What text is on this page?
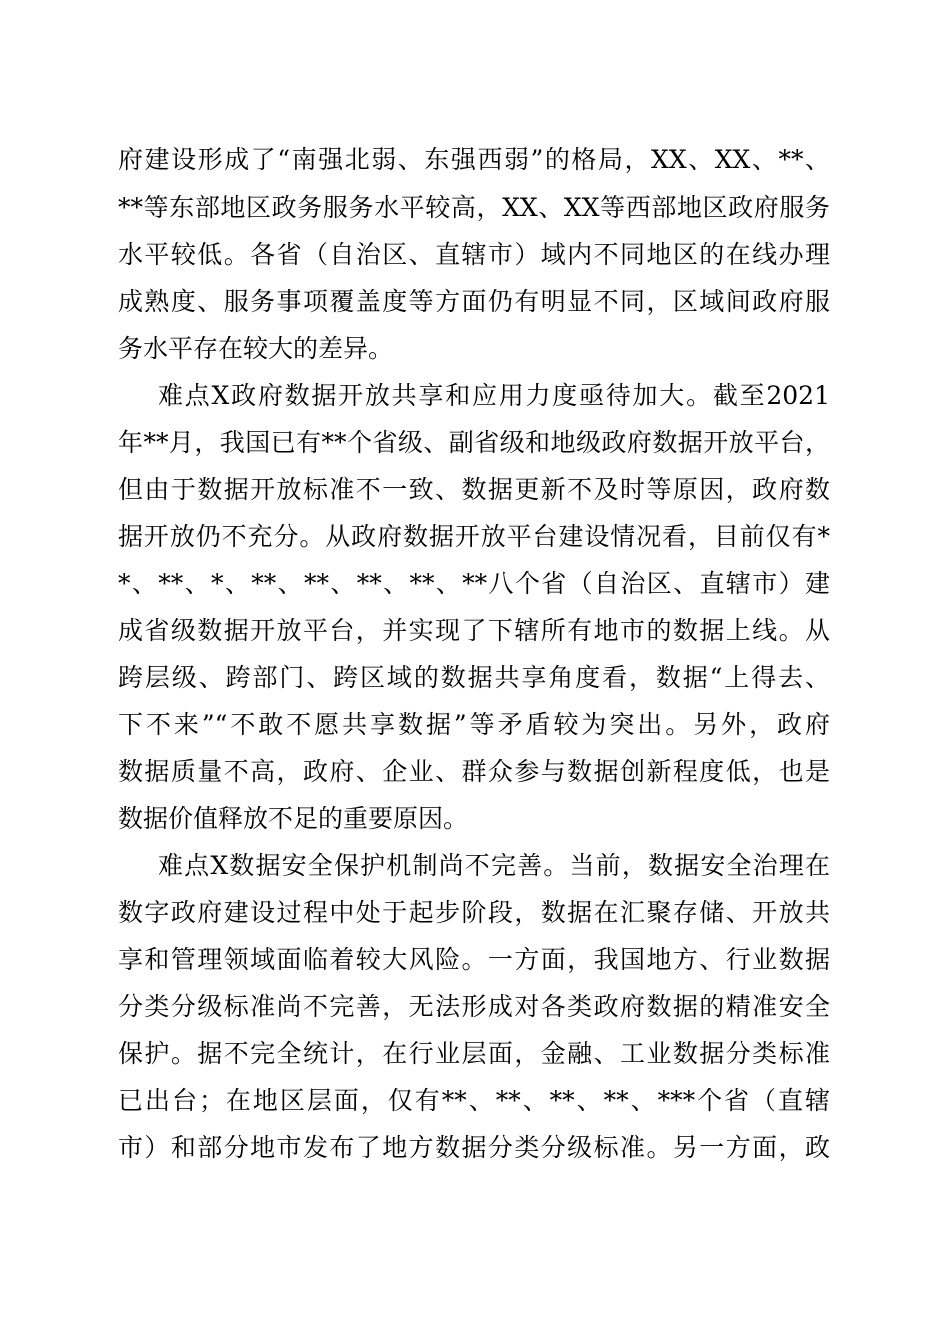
府建设形成了“南强北弱、东强西弱”的格局，XX、XX、**、
**等东部地区政务服务水平较高，XX、XX等西部地区政府服务
水平较低。各省（自治区、直辖市）域内不同地区的在线办理
成熟度、服务事项覆盖度等方面仍有明显不同，区域间政府服
务水平存在较大的差异。
难点X政府数据开放共享和应用力度亟待加大。截至2021
年**月，我国已有**个省级、副省级和地级政府数据开放平台，
但由于数据开放标准不一致、数据更新不及时等原因，政府数
据开放仍不充分。从政府数据开放平台建设情况看，目前仅有*
*、**、*、**、**、**、**、**八个省（自治区、直辖市）建
成省级数据开放平台，并实现了下辖所有地市的数据上线。从
跨层级、跨部门、跨区域的数据共享角度看，数据“上得去、
下不来”“不敢不愿共享数据”等矛盾较为突出。另外，政府
数据质量不高，政府、企业、群众参与数据创新程度低，也是
数据价值释放不足的重要原因。
难点X数据安全保护机制尚不完善。当前，数据安全治理在
数字政府建设过程中处于起步阶段，数据在汇聚存储、开放共
享和管理领域面临着较大风险。一方面，我国地方、行业数据
分类分级标准尚不完善，无法形成对各类政府数据的精准安全
保护。据不完全统计，在行业层面，金融、工业数据分类标准
已出台；在地区层面，仅有**、**、**、**、***个省（直辖
市）和部分地市发布了地方数据分类分级标准。另一方面，政
